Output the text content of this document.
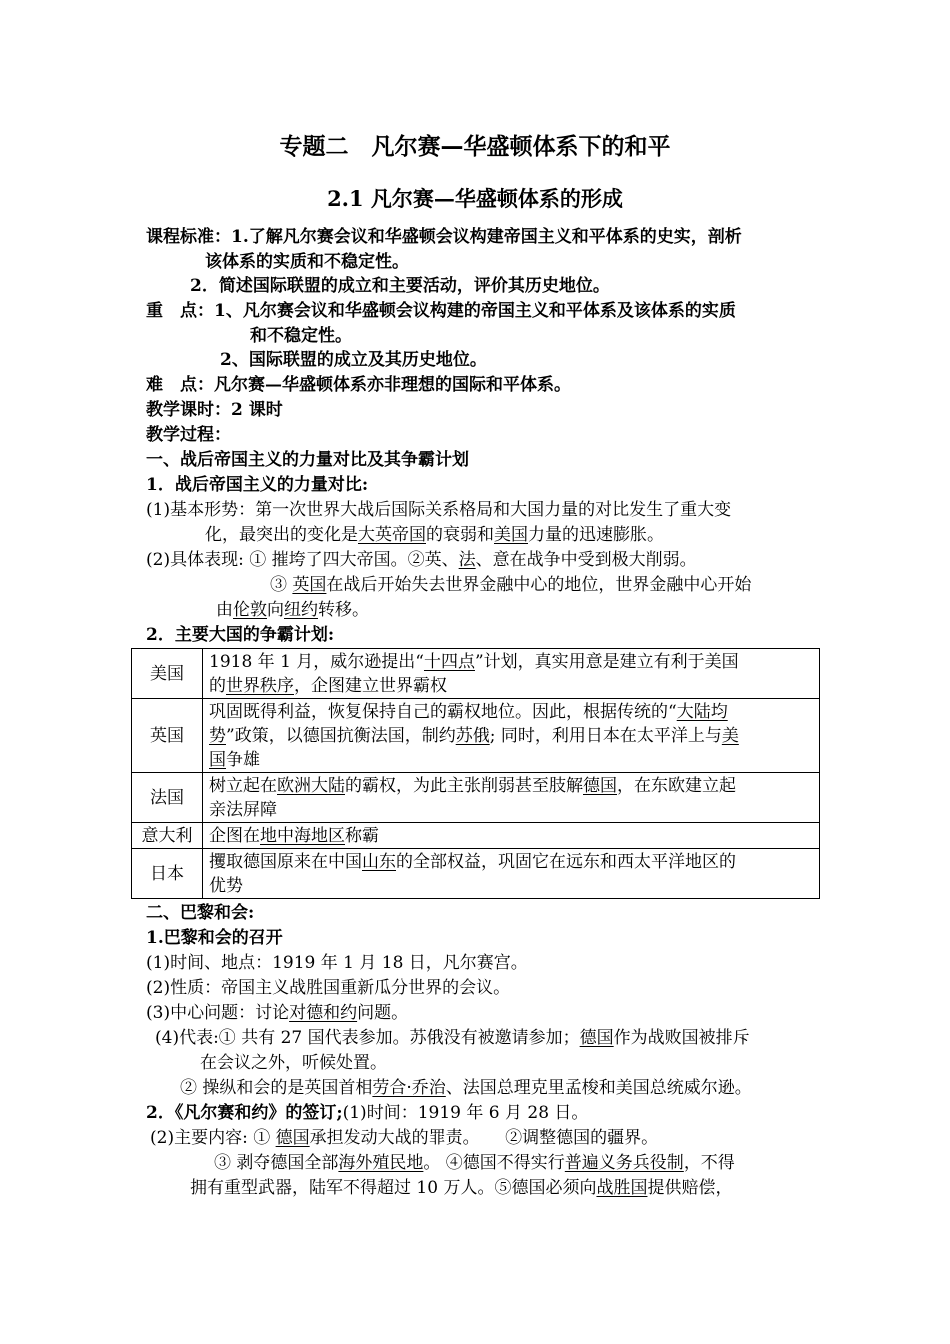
专题二　凡尔赛—华盛顿体系下的和平
2.1 凡尔赛—华盛顿体系的形成
课程标准：1.了解凡尔赛会议和华盛顿会议构建帝国主义和平体系的史实，剖析
该体系的实质和不稳定性。
2．简述国际联盟的成立和主要活动，评价其历史地位。
重　点：1、凡尔赛会议和华盛顿会议构建的帝国主义和平体系及该体系的实质
和不稳定性。
2、国际联盟的成立及其历史地位。
难　点：凡尔赛—华盛顿体系亦非理想的国际和平体系。
教学课时：2 课时
教学过程：
一、战后帝国主义的力量对比及其争霸计划
1．战后帝国主义的力量对比:
(1)基本形势：第一次世界大战后国际关系格局和大国力量的对比发生了重大变
化，最突出的变化是大英帝国的衰弱和美国力量的迅速膨胀。
(2)具体表现: ① 摧垮了四大帝国。②英、法、意在战争中受到极大削弱。
③ 英国在战后开始失去世界金融中心的地位，世界金融中心开始
由伦敦向纽约转移。
2．主要大国的争霸计划:
美国	1918 年 1 月，威尔逊提出“十四点”计划，真实用意是建立有利于美国
的世界秩序，企图建立世界霸权
英国	巩固既得利益，恢复保持自己的霸权地位。因此，根据传统的“大陆均
势”政策，以德国抗衡法国，制约苏俄; 同时，利用日本在太平洋上与美
国争雄
法国	树立起在欧洲大陆的霸权，为此主张削弱甚至肢解德国，在东欧建立起
亲法屏障
意大利	企图在地中海地区称霸
日本	攫取德国原来在中国山东的全部权益，巩固它在远东和西太平洋地区的
优势
二、巴黎和会:
1.巴黎和会的召开
(1)时间、地点：1919 年 1 月 18 日，凡尔赛宫。
(2)性质：帝国主义战胜国重新瓜分世界的会议。
(3)中心问题：讨论对德和约问题。
(4)代表:① 共有 27 国代表参加。苏俄没有被邀请参加；德国作为战败国被排斥
在会议之外，听候处置。
② 操纵和会的是英国首相劳合·乔治、法国总理克里孟梭和美国总统威尔逊。
2．《凡尔赛和约》的签订;(1)时间：1919 年 6 月 28 日。
(2)主要内容: ① 德国承担发动大战的罪责。　　②调整德国的疆界。
③ 剥夺德国全部海外殖民地。 ④德国不得实行普遍义务兵役制，不得
拥有重型武器，陆军不得超过 10 万人。⑤德国必须向战胜国提供赔偿，
